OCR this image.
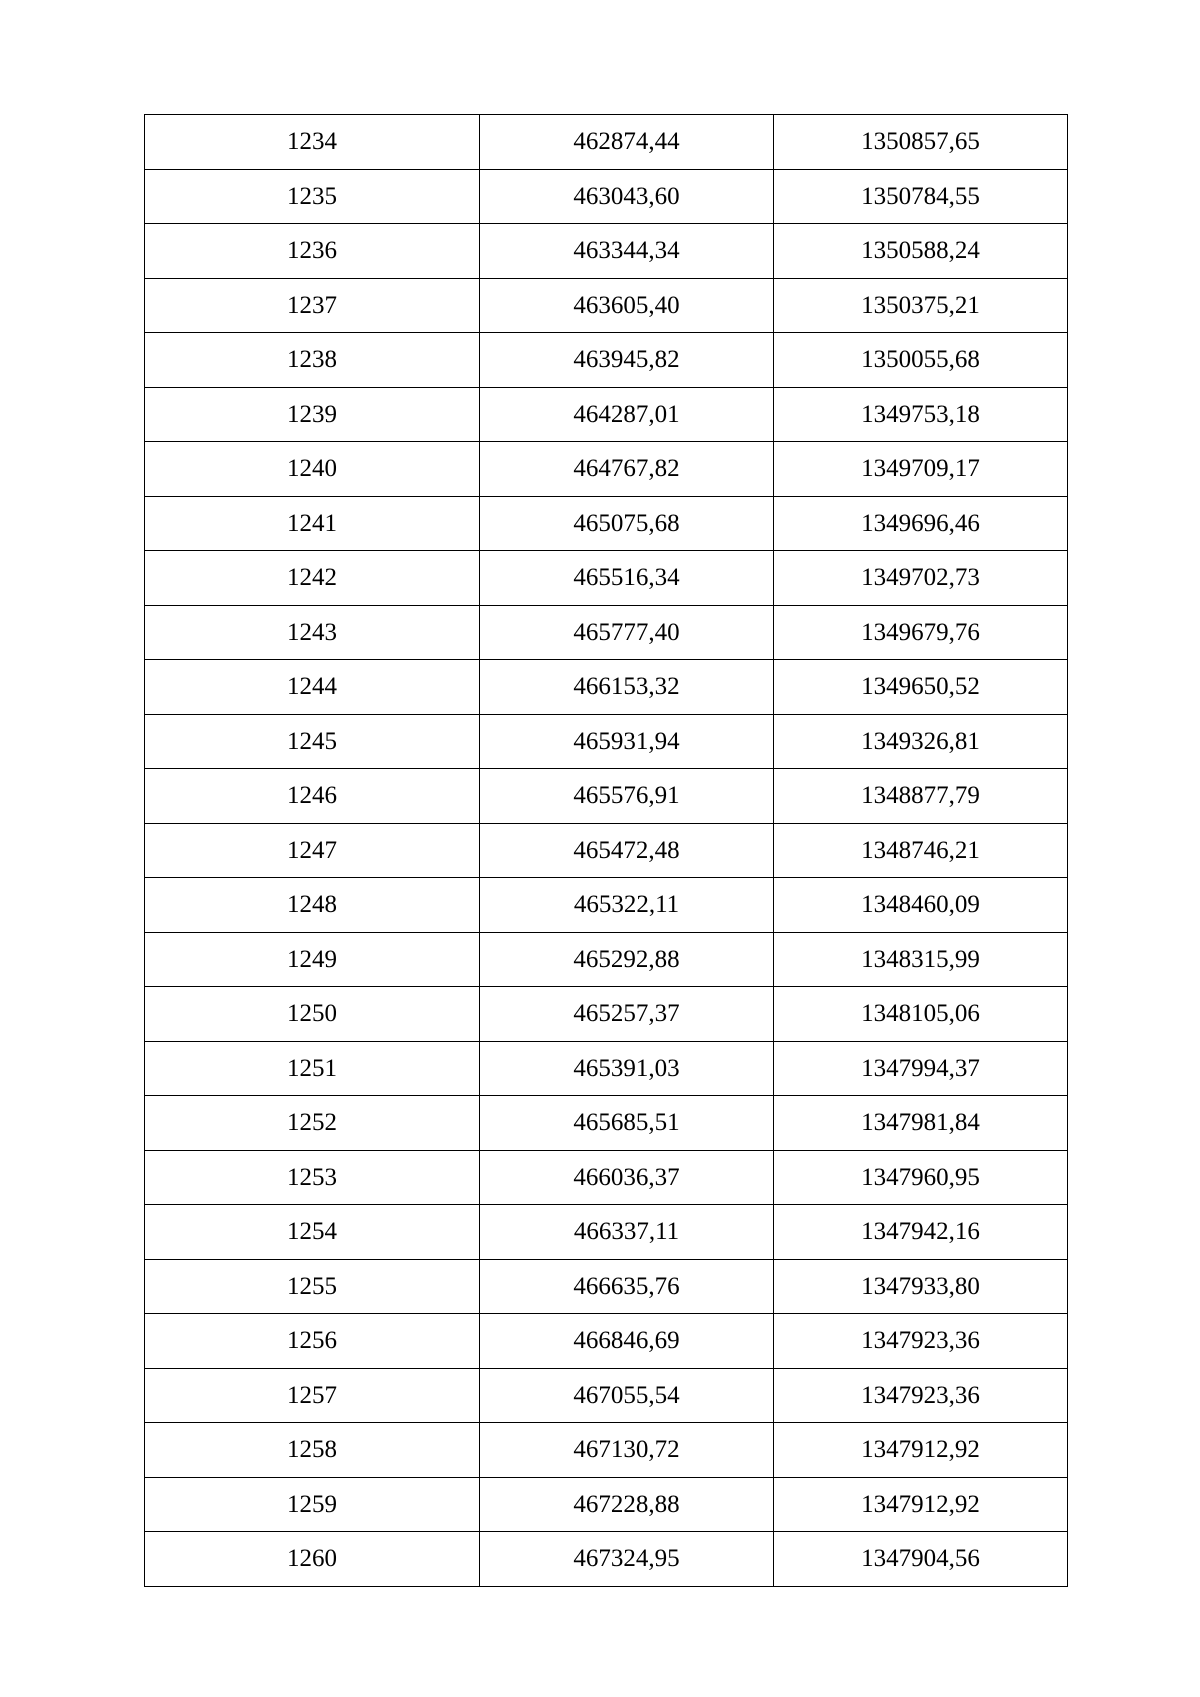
1234	462874,44	1350857,65
1235	463043,60	1350784,55
1236	463344,34	1350588,24
1237	463605,40	1350375,21
1238	463945,82	1350055,68
1239	464287,01	1349753,18
1240	464767,82	1349709,17
1241	465075,68	1349696,46
1242	465516,34	1349702,73
1243	465777,40	1349679,76
1244	466153,32	1349650,52
1245	465931,94	1349326,81
1246	465576,91	1348877,79
1247	465472,48	1348746,21
1248	465322,11	1348460,09
1249	465292,88	1348315,99
1250	465257,37	1348105,06
1251	465391,03	1347994,37
1252	465685,51	1347981,84
1253	466036,37	1347960,95
1254	466337,11	1347942,16
1255	466635,76	1347933,80
1256	466846,69	1347923,36
1257	467055,54	1347923,36
1258	467130,72	1347912,92
1259	467228,88	1347912,92
1260	467324,95	1347904,56
